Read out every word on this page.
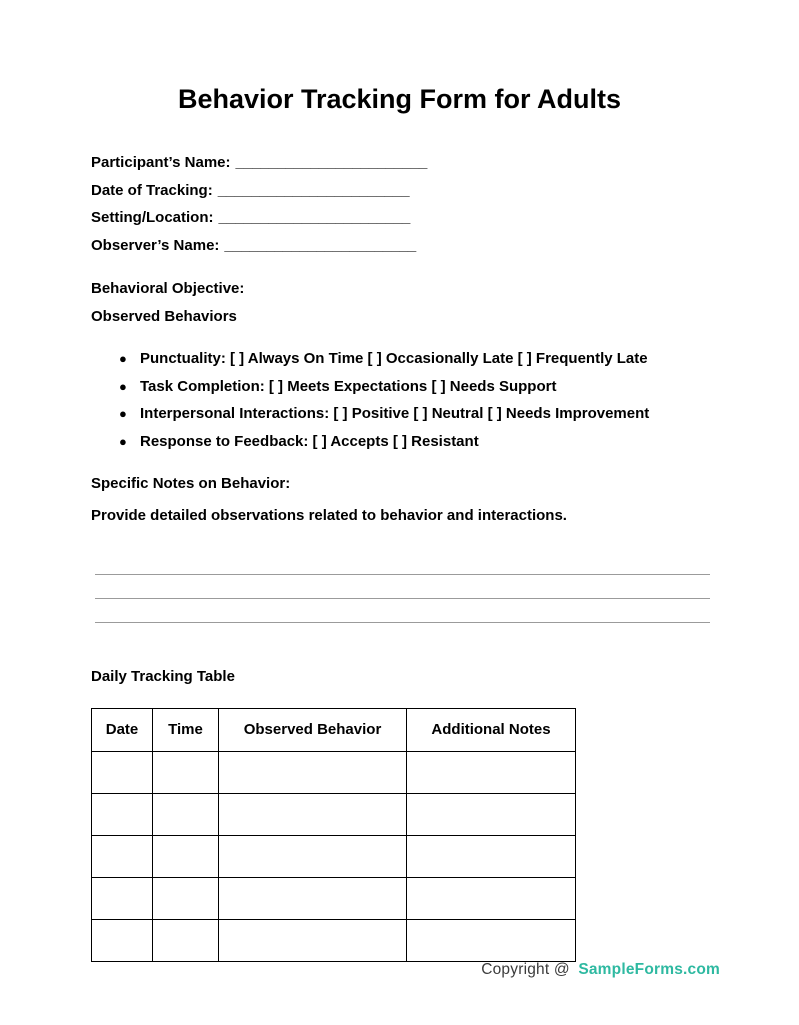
Behavior Tracking Form for Adults
Participant’s Name: _______________________
Date of Tracking: _______________________
Setting/Location: _______________________
Observer’s Name: _______________________
Behavioral Objective:
Observed Behaviors
● Punctuality: [ ] Always On Time [ ] Occasionally Late [ ] Frequently Late
● Task Completion: [ ] Meets Expectations [ ] Needs Support
● Interpersonal Interactions: [ ] Positive [ ] Neutral [ ] Needs Improvement
● Response to Feedback: [ ] Accepts [ ] Resistant
Specific Notes on Behavior:
Provide detailed observations related to behavior and interactions.
Daily Tracking Table
Date	Time	Observed Behavior	Additional Notes

Copyright @ SampleForms.com
